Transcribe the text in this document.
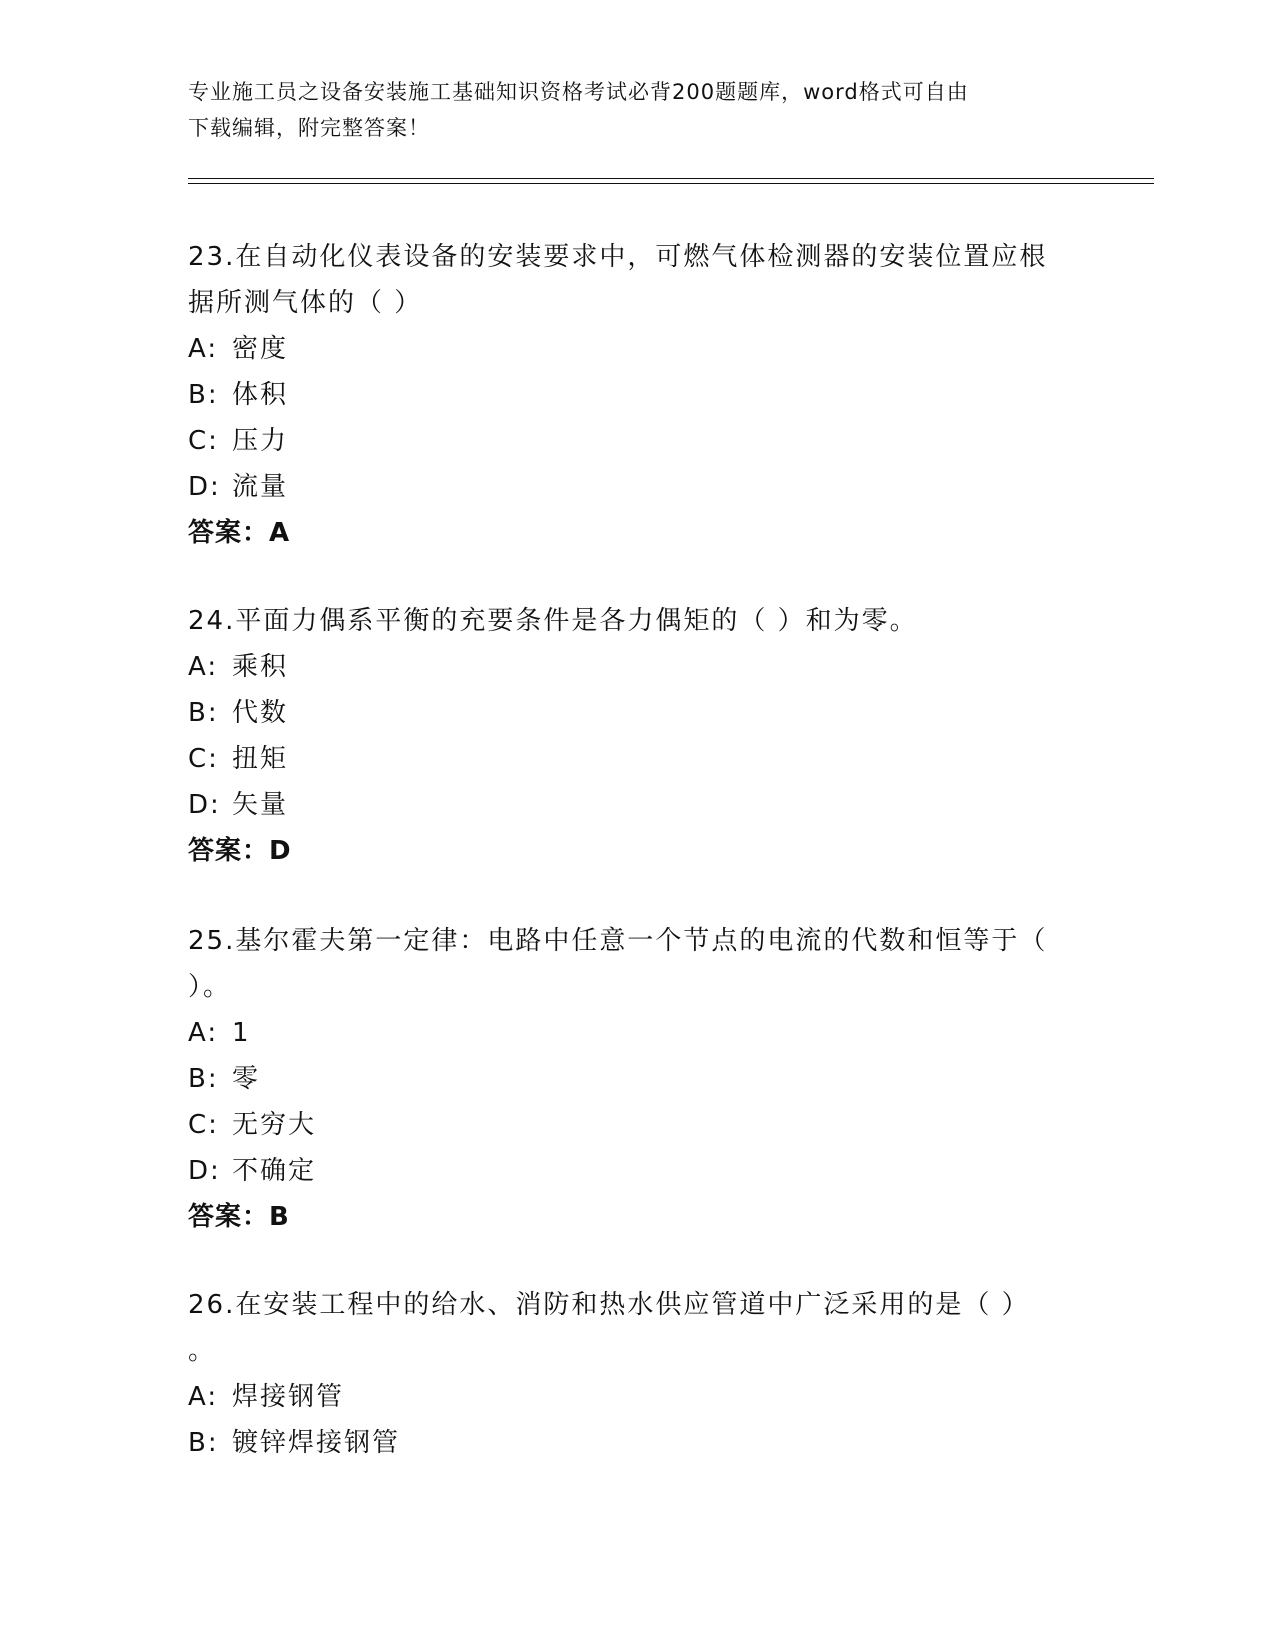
专业施工员之设备安装施工基础知识资格考试必背200题题库，word格式可自由
下载编辑，附完整答案！
23.在自动化仪表设备的安装要求中，可燃气体检测器的安装位置应根
据所测气体的（ ）
A: 密度
B: 体积
C: 压力
D: 流量
答案：A
24.平面力偶系平衡的充要条件是各力偶矩的（ ）和为零。
A: 乘积
B: 代数
C: 扭矩
D: 矢量
答案：D
25.基尔霍夫第一定律：电路中任意一个节点的电流的代数和恒等于（
）。
A: 1
B: 零
C: 无穷大
D: 不确定
答案：B
26.在安装工程中的给水、消防和热水供应管道中广泛采用的是（ ）
。
A: 焊接钢管
B: 镀锌焊接钢管
